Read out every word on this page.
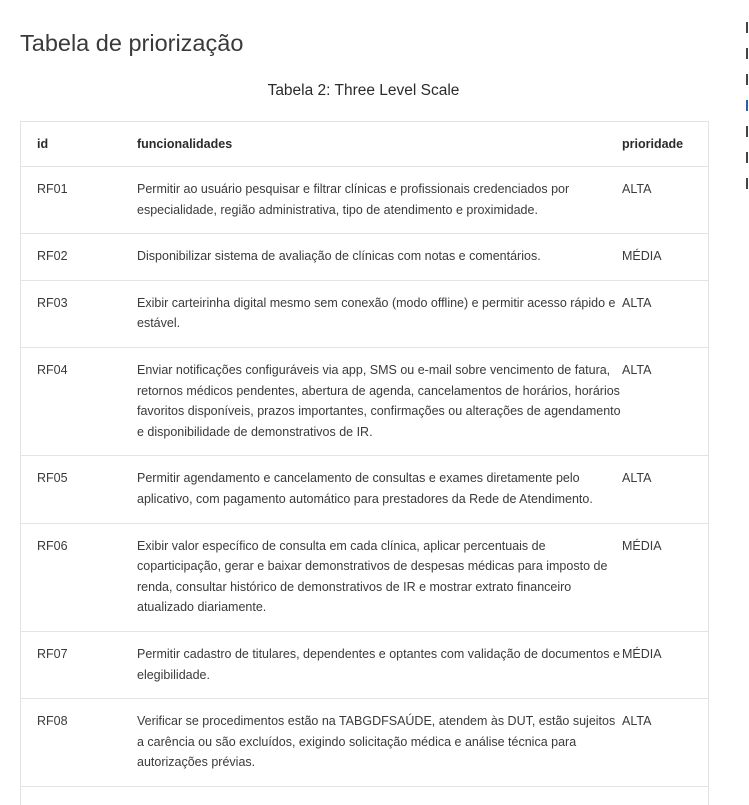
Tabela de priorização
Tabela 2: Three Level Scale
id	funcionalidades	prioridade
RF01	Permitir ao usuário pesquisar e filtrar clínicas e profissionais credenciados por especialidade, região administrativa, tipo de atendimento e proximidade.	ALTA
RF02	Disponibilizar sistema de avaliação de clínicas com notas e comentários.	MÉDIA
RF03	Exibir carteirinha digital mesmo sem conexão (modo offline) e permitir acesso rápido e estável.	ALTA
RF04	Enviar notificações configuráveis via app, SMS ou e-mail sobre vencimento de fatura, retornos médicos pendentes, abertura de agenda, cancelamentos de horários, horários favoritos disponíveis, prazos importantes, confirmações ou alterações de agendamento e disponibilidade de demonstrativos de IR.	ALTA
RF05	Permitir agendamento e cancelamento de consultas e exames diretamente pelo aplicativo, com pagamento automático para prestadores da Rede de Atendimento.	ALTA
RF06	Exibir valor específico de consulta em cada clínica, aplicar percentuais de coparticipação, gerar e baixar demonstrativos de despesas médicas para imposto de renda, consultar histórico de demonstrativos de IR e mostrar extrato financeiro atualizado diariamente.	MÉDIA
RF07	Permitir cadastro de titulares, dependentes e optantes com validação de documentos e elegibilidade.	MÉDIA
RF08	Verificar se procedimentos estão na TABGDFSAÚDE, atendem às DUT, estão sujeitos a carência ou são excluídos, exigindo solicitação médica e análise técnica para autorizações prévias.	ALTA
